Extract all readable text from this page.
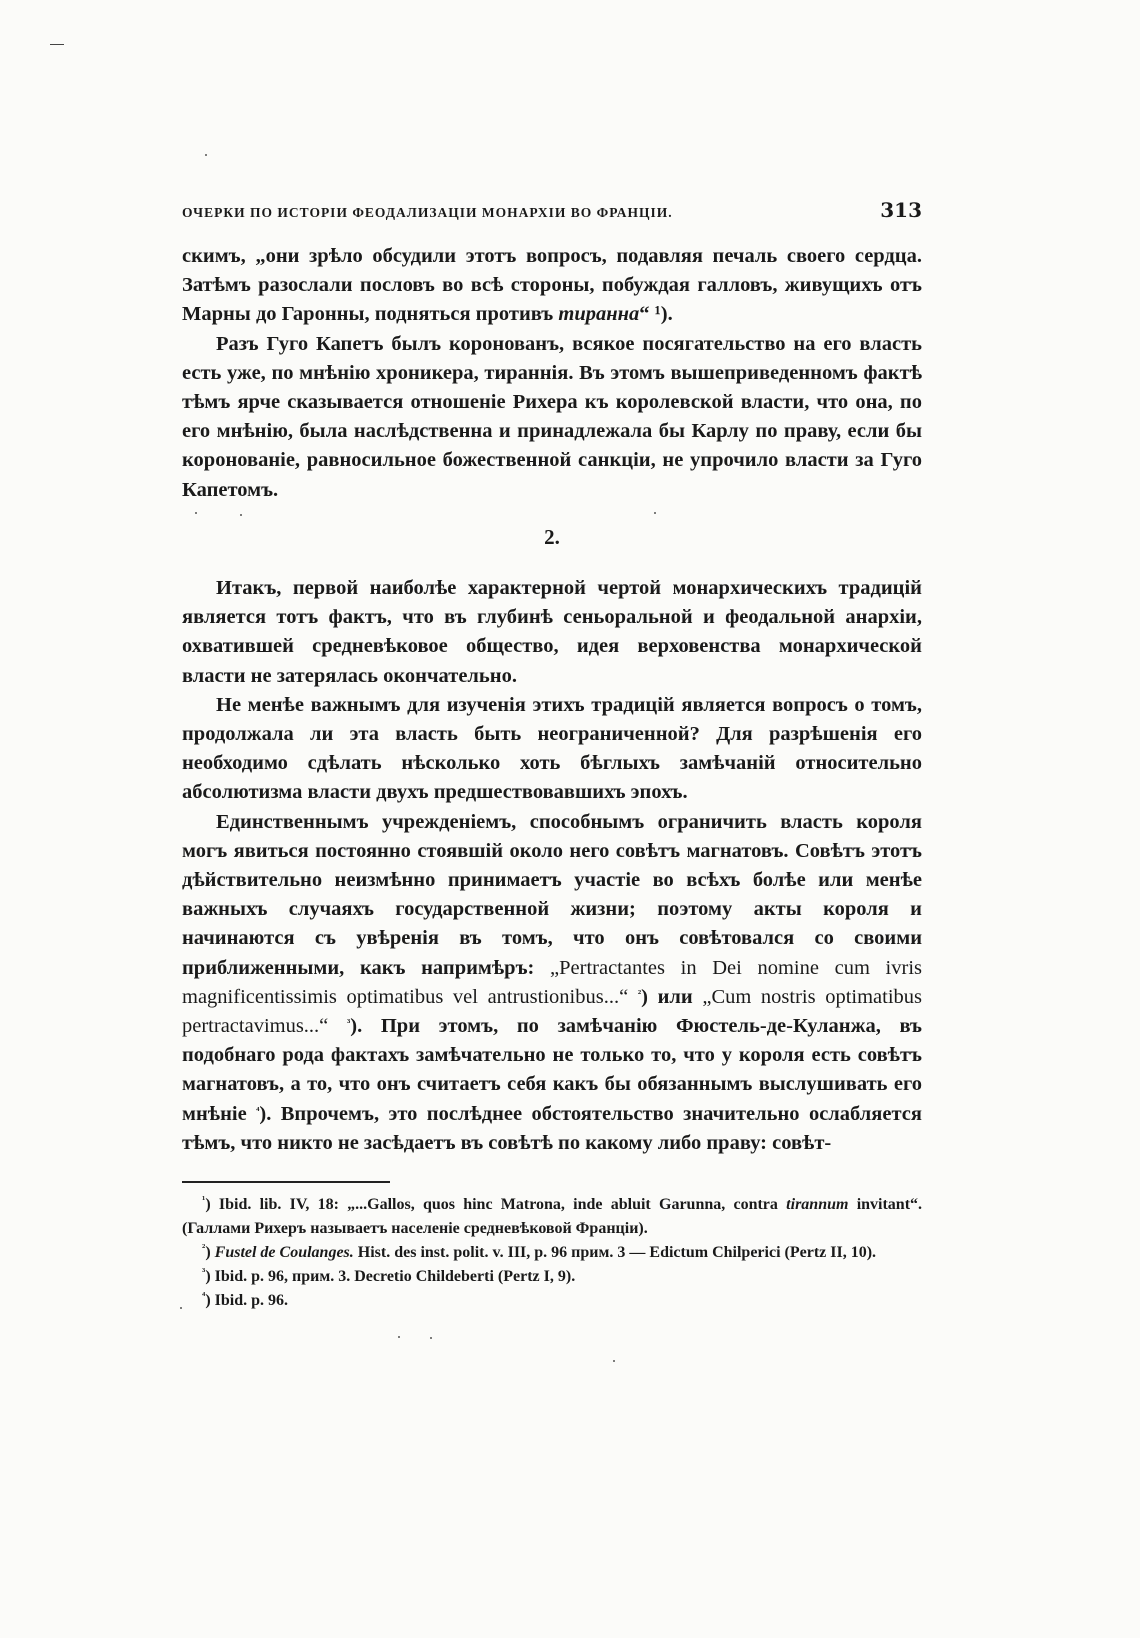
ОЧЕРКИ ПО ИСТОРІИ ФЕОДАЛИЗАЦІИ МОНАРХІИ ВО ФРАНЦІИ.	313

скимъ, „они зрѣло обсудили этотъ вопросъ, подавляя печаль своего сердца. Затѣмъ разослали пословъ во всѣ стороны, побуждая галловъ, живущихъ отъ Марны до Гаронны, подняться противъ тиранна“ ¹).

Разъ Гуго Капетъ былъ коронованъ, всякое посягательство на его власть есть уже, по мнѣнію хроникера, тираннія. Въ этомъ вышеприведенномъ фактѣ тѣмъ ярче сказывается отношеніе Рихера къ королевской власти, что она, по его мнѣнію, была наслѣдственна и принадлежала бы Карлу по праву, если бы коронованіе, равносильное божественной санкціи, не упрочило власти за Гуго Капетомъ.

2.

Итакъ, первой наиболѣе характерной чертой монархическихъ традицій является тотъ фактъ, что въ глубинѣ сеньоральной и феодальной анархіи, охватившей средневѣковое общество, идея верховенства монархической власти не затерялась окончательно.

Не менѣе важнымъ для изученія этихъ традицій является вопросъ о томъ, продолжала ли эта власть быть неограниченной? Для разрѣшенія его необходимо сдѣлать нѣсколько хоть бѣглыхъ замѣчаній относительно абсолютизма власти двухъ предшествовавшихъ эпохъ.

Единственнымъ учрежденіемъ, способнымъ ограничить власть короля могъ явиться постоянно стоявшій около него совѣтъ магнатовъ. Совѣтъ этотъ дѣйствительно неизмѣнно принимаетъ участіе во всѣхъ болѣе или менѣе важныхъ случаяхъ государственной жизни; поэтому акты короля и начинаются съ увѣренія въ томъ, что онъ совѣтовался со своими приближенными, какъ напримѣръ: „Pertractantes in Dei nomine cum ivris magnificentissimis optimatibus vel antrustionibus...“ $^{^2}$) или „Cum nostris optimatibus pertractavimus...“ $^{^3}$). При этомъ, по замѣчанію Фюстель-де-Куланжа, въ подобнаго рода фактахъ замѣчательно не только то, что у короля есть совѣтъ магнатовъ, а то, что онъ считаетъ себя какъ бы обязаннымъ выслушивать его мнѣніе $^{^4}$). Впрочемъ, это послѣднее обстоятельство значительно ослабляется тѣмъ, что никто не засѣдаетъ въ совѣтѣ по какому либо праву: совѣт-

$^{^1}$) Ibid. lib. IV, 18: „...Gallos, quos hinc Matrona, inde abluit Garunna, contra tirannum invitant“. (Галлами Рихеръ называетъ населеніе средневѣковой Франціи).

$^{^2}$) Fustel de Coulanges. Hist. des inst. polit. v. III, p. 96 прим. 3 — Edictum Chilperici (Pertz II, 10).

$^{^3}$) Ibid. p. 96, прим. 3. Decretio Childeberti (Pertz I, 9).

$^{^4}$) Ibid. p. 96.
